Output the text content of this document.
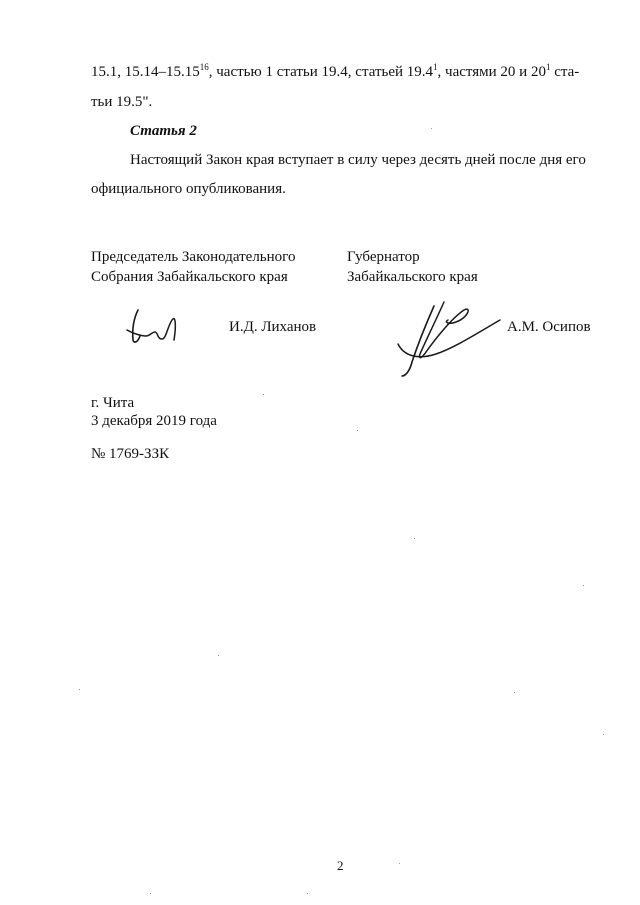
15.1, 15.14–15.15$^{16}$, частью 1 статьи 19.4, статьей 19.4$^1$, частями 20 и $20^1$ ста-
тьи 19.5".
Статья 2
Настоящий Закон края вступает в силу через десять дней после дня его
официального опубликования.
Председатель Законодательного
Собрания Забайкальского края
Губернатор
Забайкальского края
И.Д. Лиханов	А.М. Осипов
г. Чита
3 декабря 2019 года
№ 1769-ЗЗК
2
